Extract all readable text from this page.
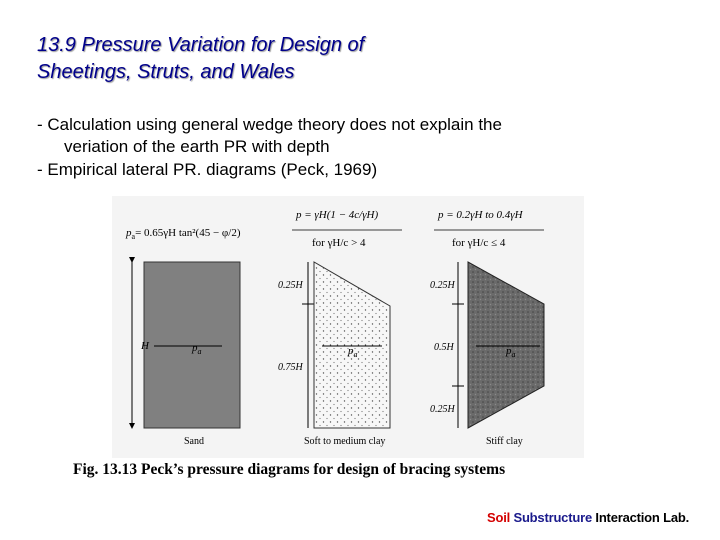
13.9 Pressure Variation for Design of
Sheetings, Struts, and Wales
- Calculation using general wedge theory does not explain the
veriation of the earth PR with depth
- Empirical lateral PR. diagrams (Peck, 1969)
$p_a= 0.65\gamma H$ tan²(45 − φ/2)
H	$p_a$
Sand
p = γH(1 − 4c/γH)
for γH/c > 4
0.25H
0.75H
$p_a$
Soft to medium clay
p = 0.2γH to 0.4γH
for γH/c ≤ 4
0.25H
0.5H
0.25H
$p_a$
Stiff clay
Fig. 13.13 Peck’s pressure diagrams for design of bracing systems
Soil Substructure Interaction Lab.
